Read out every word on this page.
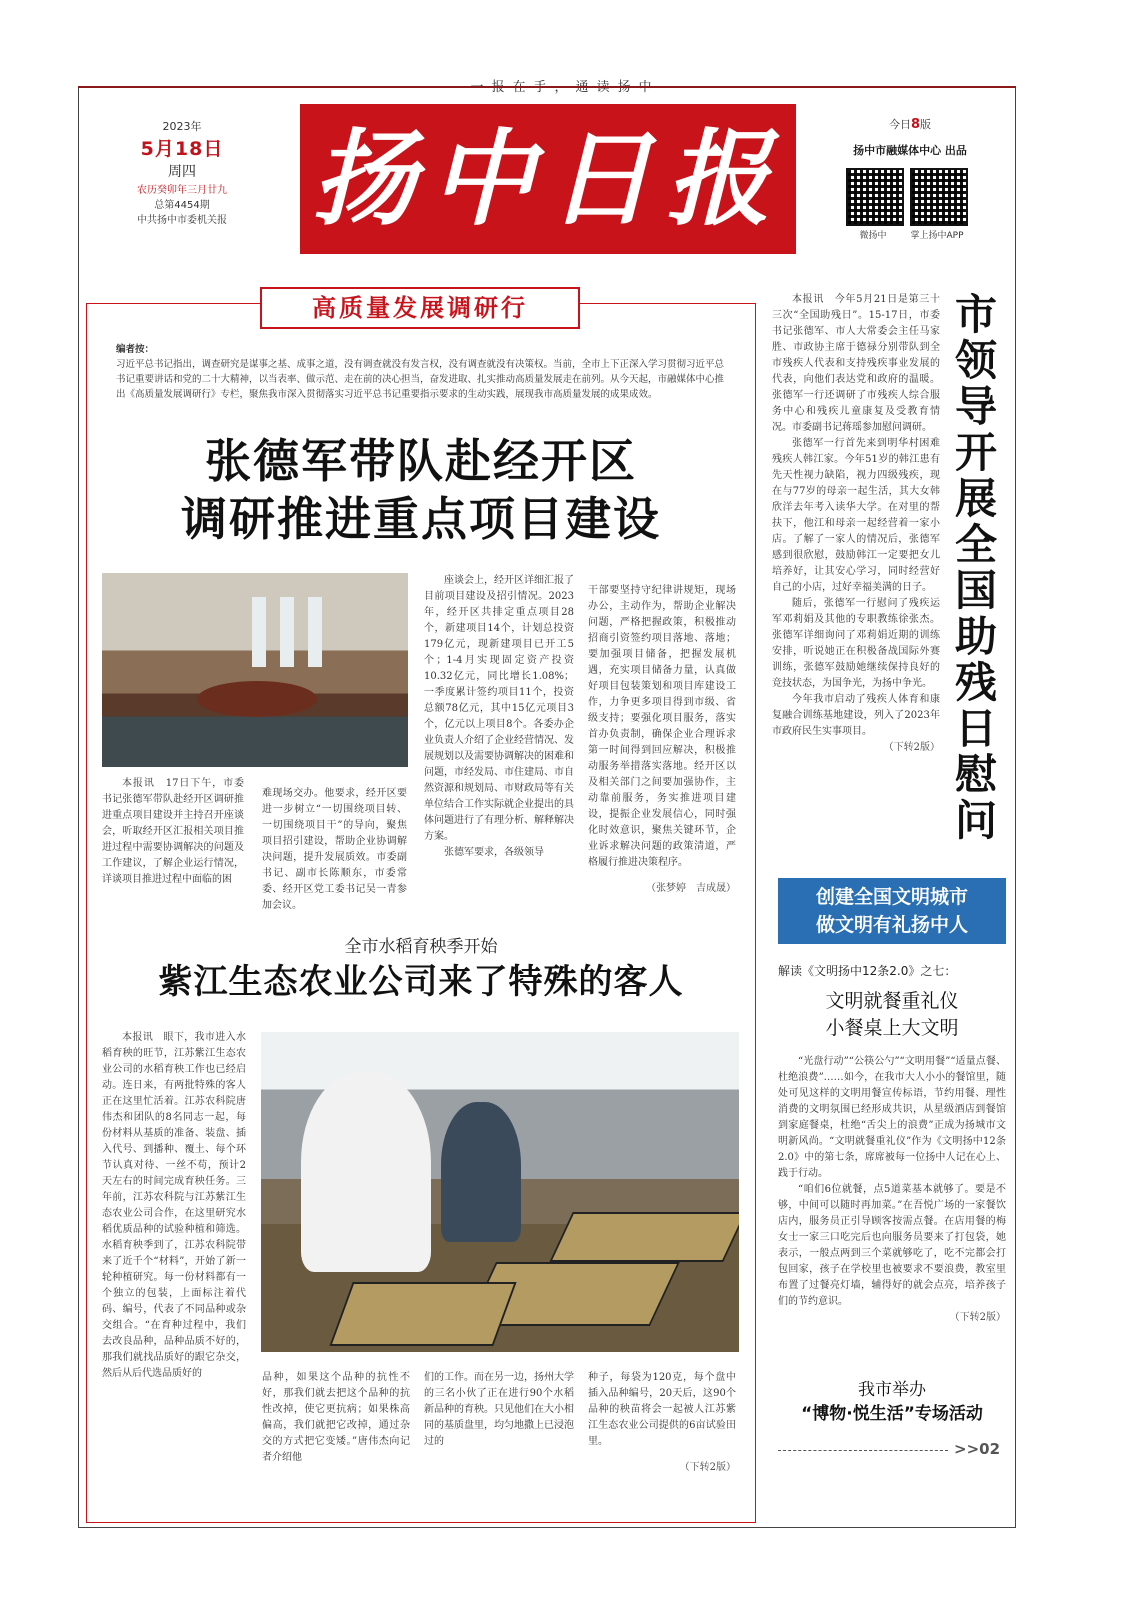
一报在手，通读扬中
2023年
5月18日
周四
农历癸卯年三月廿九
总第4454期
中共扬中市委机关报 扬中日报	今日8版
扬中市融媒体中心 出品
微扬中	掌上扬中APP
高质量发展调研行
编者按：
习近平总书记指出，调查研究是谋事之基、成事之道，没有调查就没有发言权，没有调查就没有决策权。当前，全市上下正深入学习贯彻习近平总书记重要讲话和党的二十大精神，以当表率、做示范、走在前的决心担当，奋发进取、扎实推动高质量发展走在前列。从今天起，市融媒体中心推出《高质量发展调研行》专栏，聚焦我市深入贯彻落实习近平总书记重要指示要求的生动实践，展现我市高质量发展的成果成效。
张德军带队赴经开区
调研推进重点项目建设

本报讯　17日下午，市委书记张德军带队赴经开区调研推进重点项目建设并主持召开座谈会，听取经开区汇报相关项目推进过程中需要协调解决的问题及工作建议，了解企业运行情况，详谈项目推进过程中面临的困

难现场交办。他要求，经开区要进一步树立“一切围绕项目转、一切围绕项目干”的导向，聚焦项目招引建设，帮助企业协调解决问题，提升发展质效。市委副书记、副市长陈顺东，市委常委、经开区党工委书记吴一青参加会议。

座谈会上，经开区详细汇报了目前项目建设及招引情况。2023年，经开区共排定重点项目28个，新建项目14个，计划总投资179亿元，现新建项目已开工5个；1-4月实现固定资产投资10.32亿元，同比增长1.08%；一季度累计签约项目11个，投资总额78亿元，其中15亿元项目3个，亿元以上项目8个。各委办企业负责人介绍了企业经营情况、发展规划以及需要协调解决的困难和问题，市经发局、市住建局、市自然资源和规划局、市财政局等有关单位结合工作实际就企业提出的具体问题进行了有理分析、解释解决方案。

张德军要求，各级领导

干部要坚持守纪律讲规矩，现场办公，主动作为，帮助企业解决问题，严格把握政策，积极推动招商引资签约项目落地、落地；要加强项目储备，把握发展机遇，充实项目储备力量，认真做好项目包装策划和项目库建设工作，力争更多项目得到市级、省级支持；要强化项目服务，落实首办负责制，确保企业合理诉求第一时间得到回应解决，积极推动服务举措落实落地。经开区以及相关部门之间要加强协作，主动靠前服务，务实推进项目建设，提振企业发展信心，同时强化时效意识，聚焦关键环节，企业诉求解决问题的政策清道，严格履行推进决策程序。

（张梦婷　吉成晟）
全市水稻育秧季开始
紫江生态农业公司来了特殊的客人

本报讯　眼下，我市进入水稻育秧的旺节，江苏紫江生态农业公司的水稻育秧工作也已经启动。连日来，有两批特殊的客人正在这里忙活着。江苏农科院唐伟杰和团队的8名同志一起，每份材料从基质的准备、装盘、插入代号、到播种、覆土、每个环节认真对待、一丝不苟，预计2天左右的时间完成育秧任务。三年前，江苏农科院与江苏紫江生态农业公司合作，在这里研究水稻优质品种的试验种植和筛选。水稻育秧季到了，江苏农科院带来了近千个“材料”，开始了新一轮种植研究。每一份材料都有一个独立的包装，上面标注着代码、编号，代表了不同品种或杂交组合。“在育种过程中，我们去改良品种，品种品质不好的，那我们就找品质好的跟它杂交，然后从后代选品质好的	品种，如果这个品种的抗性不好，那我们就去把这个品种的抗性改掉，使它更抗病；如果株高偏高，我们就把它改掉，通过杂交的方式把它变矮。”唐伟杰向记者介绍他

们的工作。而在另一边，扬州大学的三名小伙了正在进行90个水稻新品种的育秧。只见他们在大小相同的基质盘里，均匀地撒上已浸泡过的

种子，每袋为120克，每个盘中插入品种编号，20天后，这90个品种的秧苗将会一起被人江苏紫江生态农业公司提供的6亩试验田里。

（下转2版）

本报讯　今年5月21日是第三十三次“全国助残日”。15-17日，市委书记张德军、市人大常委会主任马家胜、市政协主席于德禄分别带队到全市残疾人代表和支持残疾事业发展的代表，向他们表达党和政府的温暖。张德军一行还调研了市残疾人综合服务中心和残疾儿童康复及受教育情况。市委副书记蒋瑶参加慰问调研。

张德军一行首先来到明华村困难残疾人韩江家。今年51岁的韩江患有先天性视力缺陷，视力四级残疾，现在与77岁的母亲一起生活，其大女韩欣洋去年考入读华大学。在对里的帮扶下，他江和母亲一起经营着一家小店。了解了一家人的情况后，张德军感到很欣慰，鼓励韩江一定要把女儿培养好，让其安心学习，同时经营好自己的小店，过好幸福美满的日子。

随后，张德军一行慰问了残疾运军邓莉娟及其他的专职教练徐张杰。张德军详细询问了邓莉娟近期的训练安排，听说她正在积极备战国际外赛训练，张德军鼓励她继续保持良好的竞技状态，为国争光，为扬中争光。

今年我市启动了残疾人体育和康复融合训练基地建设，列入了2023年市政府民生实事项目。

（下转2版）
市领导开展全国助残日慰问
创建全国文明城市
做文明有礼扬中人
解读《文明扬中12条2.0》之七：
文明就餐重礼仪
小餐桌上大文明

“光盘行动”“公筷公勺”“文明用餐”“适量点餐、杜绝浪费”……如今，在我市大人小小的餐馆里，随处可见这样的文明用餐宣传标语，节约用餐、理性消费的文明氛围已经形成共识，从星级酒店到餐馆到家庭餐桌，杜绝“舌尖上的浪费”正成为扬城市文明新风尚。“文明就餐重礼仪”作为《文明扬中12条2.0》中的第七条，席席被每一位扬中人记在心上、践于行动。

“咱们6位就餐，点5道菜基本就够了。要是不够，中间可以随时再加菜。”在吾悦广场的一家餐饮店内，服务员正引导顾客按需点餐。在店用餐的梅女士一家三口吃完后也向服务员要来了打包袋，她表示，一般点两到三个菜就够吃了，吃不完都会打包回家，孩子在学校里也被要求不要浪费，教室里布置了过餐亮灯墙，辅得好的就会点亮，培养孩子们的节约意识。

（下转2版）
我市举办
“博物·悦生活”专场活动
>>02
